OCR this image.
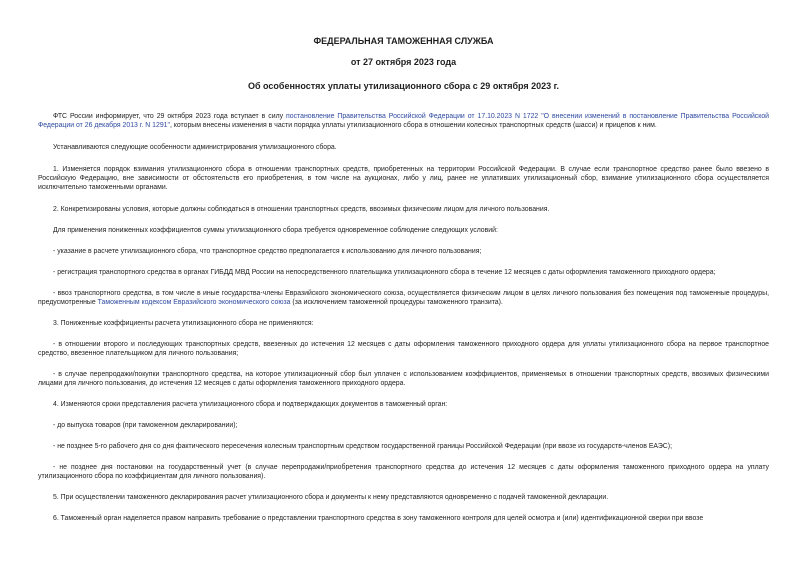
ФЕДЕРАЛЬНАЯ ТАМОЖЕННАЯ СЛУЖБА

от 27 октября 2023 года

Об особенностях уплаты утилизационного сбора с 29 октября 2023 г.

ФТС России информирует, что 29 октября 2023 года вступает в силу постановление Правительства Российской Федерации от 17.10.2023 N 1722 "О внесении изменений в постановление Правительства Российской Федерации от 26 декабря 2013 г. N 1291", которым внесены изменения в части порядка уплаты утилизационного сбора в отношении колесных транспортных средств (шасси) и прицепов к ним.

Устанавливаются следующие особенности администрирования утилизационного сбора.

1. Изменяется порядок взимания утилизационного сбора в отношении транспортных средств, приобретенных на территории Российской Федерации. В случае если транспортное средство ранее было ввезено в Российскую Федерацию, вне зависимости от обстоятельств его приобретения, в том числе на аукционах, либо у лиц, ранее не уплативших утилизационный сбор, взимание утилизационного сбора осуществляется исключительно таможенными органами.

2. Конкретизированы условия, которые должны соблюдаться в отношении транспортных средств, ввозимых физическим лицом для личного пользования.

Для применения пониженных коэффициентов суммы утилизационного сбора требуется одновременное соблюдение следующих условий:

- указание в расчете утилизационного сбора, что транспортное средство предполагается к использованию для личного пользования;

- регистрация транспортного средства в органах ГИБДД МВД России на непосредственного плательщика утилизационного сбора в течение 12 месяцев с даты оформления таможенного приходного ордера;

- ввоз транспортного средства, в том числе в иные государства-члены Евразийского экономического союза, осуществляется физическим лицом в целях личного пользования без помещения под таможенные процедуры, предусмотренные Таможенным кодексом Евразийского экономического союза (за исключением таможенной процедуры таможенного транзита).

3. Пониженные коэффициенты расчета утилизационного сбора не применяются:

- в отношении второго и последующих транспортных средств, ввезенных до истечения 12 месяцев с даты оформления таможенного приходного ордера для уплаты утилизационного сбора на первое транспортное средство, ввезенное плательщиком для личного пользования;

- в случае перепродажи/покупки транспортного средства, на которое утилизационный сбор был уплачен с использованием коэффициентов, применяемых в отношении транспортных средств, ввозимых физическими лицами для личного пользования, до истечения 12 месяцев с даты оформления таможенного приходного ордера.

4. Изменяются сроки представления расчета утилизационного сбора и подтверждающих документов в таможенный орган:

- до выпуска товаров (при таможенном декларировании);

- не позднее 5-го рабочего дня со дня фактического пересечения колесным транспортным средством государственной границы Российской Федерации (при ввозе из государств-членов ЕАЭС);

- не позднее дня постановки на государственный учет (в случае перепродажи/приобретения транспортного средства до истечения 12 месяцев с даты оформления таможенного приходного ордера на уплату утилизационного сбора по коэффициентам для личного пользования).

5. При осуществлении таможенного декларирования расчет утилизационного сбора и документы к нему представляются одновременно с подачей таможенной декларации.

6. Таможенный орган наделяется правом направить требование о представлении транспортного средства в зону таможенного контроля для целей осмотра и (или) идентификационной сверки при ввозе
